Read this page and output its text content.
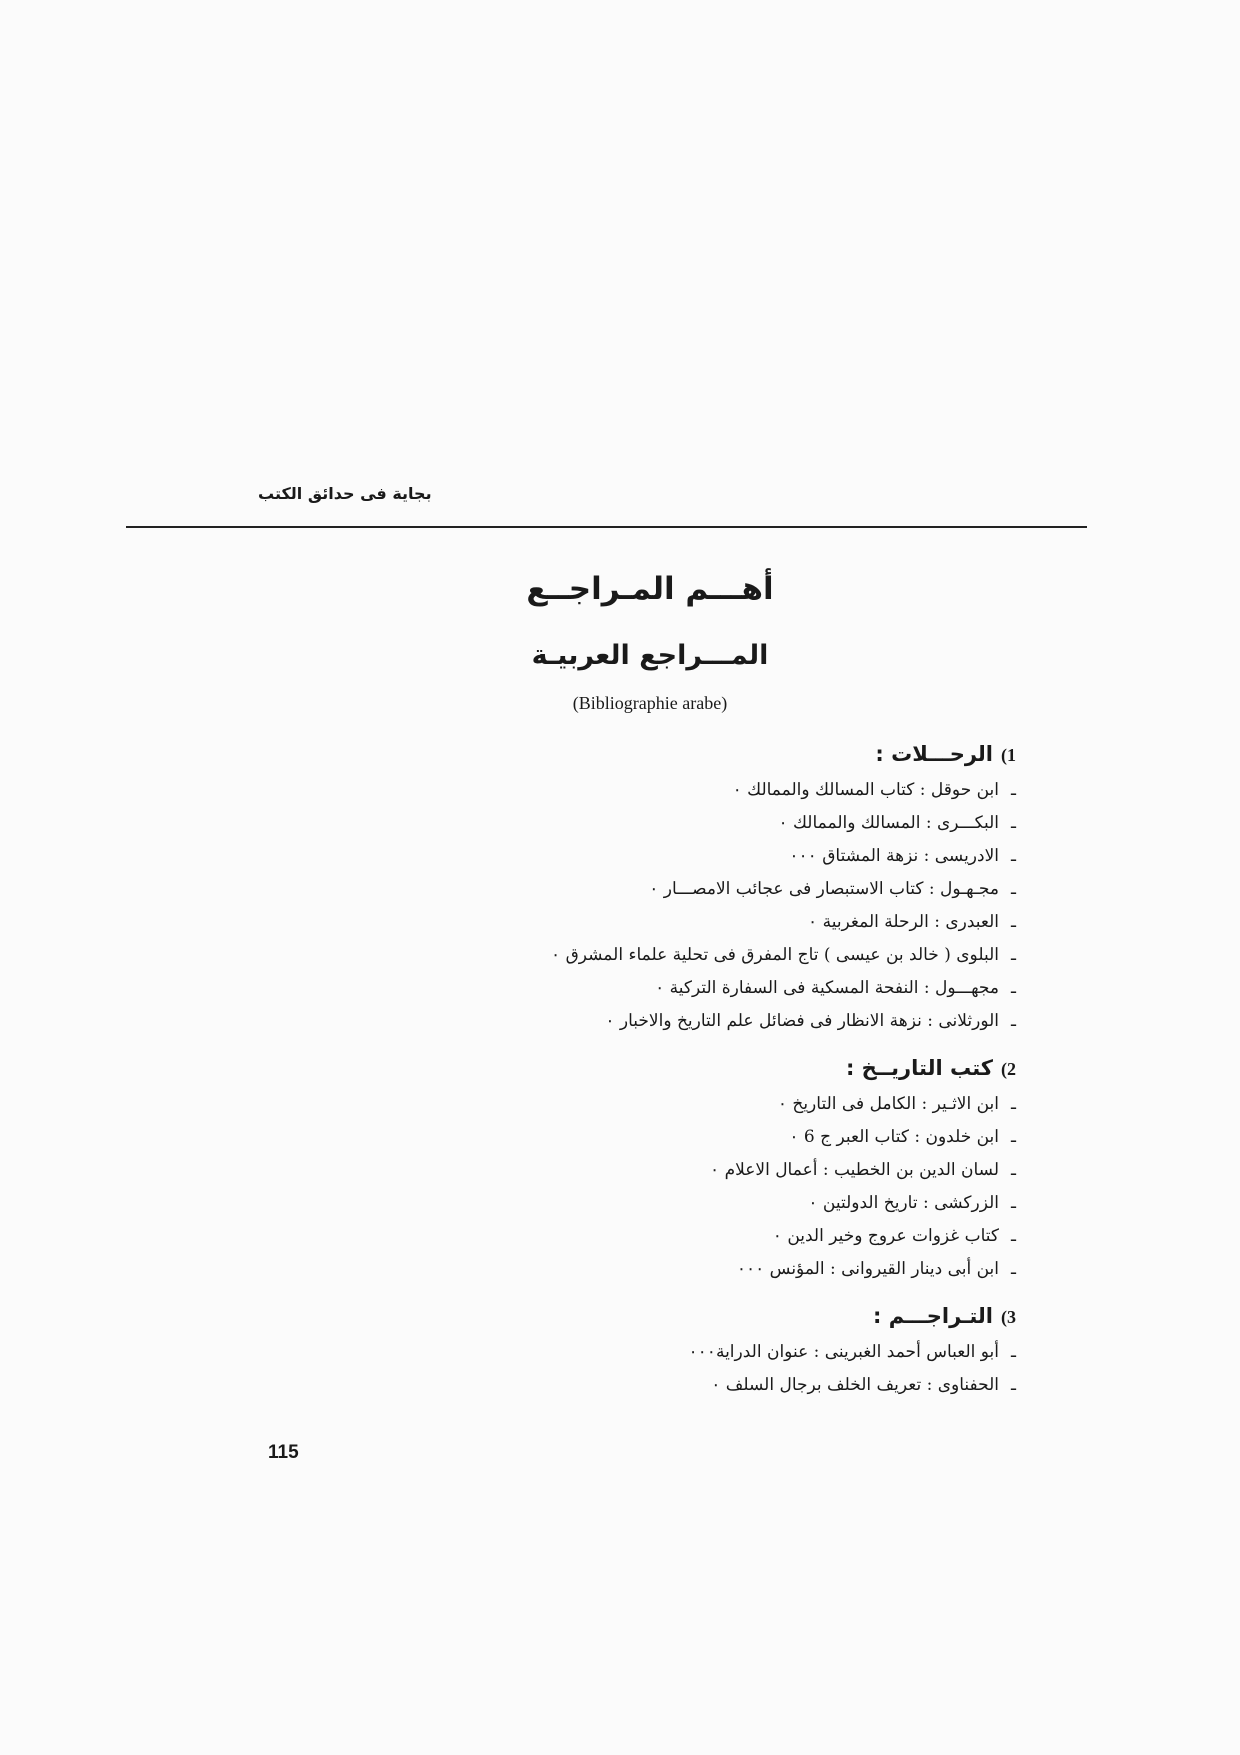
بجاية فى حدائق الكتب
أهـــم المـراجــع
المـــراجع العربيـة
(Bibliographie arabe)
1)الرحـــلات :
ـابن حوقل : كتاب المسالك والممالك ٠
ـالبكـــرى : المسالك والممالك ٠
ـالادريسى : نزهة المشتاق ٠٠٠
ـمجـهـول : كتاب الاستبصار فى عجائب الامصـــار ٠
ـالعبدرى : الرحلة المغربية ٠
ـالبلوى ( خالد بن عيسى ) تاج المفرق فى تحلية علماء المشرق ٠
ـمجهـــول : النفحة المسكية فى السفارة التركية ٠
ـالورثلانى : نزهة الانظار فى فضائل علم التاريخ والاخبار ٠
2)كتب التاريــخ :
ـابن الاثـير : الكامل فى التاريخ ٠
ـابن خلدون : كتاب العبر ج 6 ٠
ـلسان الدين بن الخطيب : أعمال الاعلام ٠
ـالزركشى : تاريخ الدولتين ٠
ـكتاب غزوات عروج وخير الدين ٠
ـابن أبى دينار القيروانى : المؤنس ٠٠٠
3)التـراجـــم :
ـأبو العباس أحمد الغبرينى : عنوان الدراية٠٠٠
ـالحفناوى : تعريف الخلف برجال السلف ٠
115
